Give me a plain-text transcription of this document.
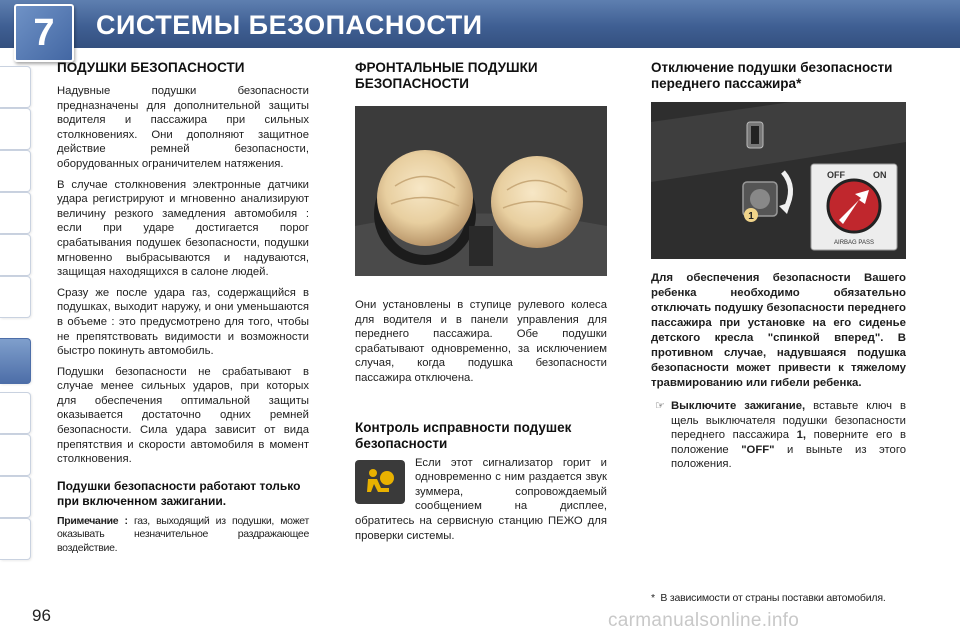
СИСТЕМЫ БЕЗОПАСНОСТИ
7
ПОДУШКИ БЕЗОПАСНОСТИ

Надувные подушки безопасности предназначены для дополнительной защиты водителя и пассажира при сильных столкновениях. Они дополняют защитное действие ремней безопасности, оборудованных ограничителем натяжения.

В случае столкновения электронные датчики удара регистрируют и мгновенно анализируют величину резкого замедления автомобиля : если при ударе достигается порог срабатывания подушек безопасности, подушки мгновенно выбрасываются и надуваются, защищая находящихся в салоне людей.

Сразу же после удара газ, содержащийся в подушках, выходит наружу, и они уменьшаются в объеме : это предусмотрено для того, чтобы не препятствовать видимости и возможности быстро покинуть автомобиль.

Подушки безопасности не срабатывают в случае менее сильных ударов, при которых для обеспечения оптимальной защиты оказывается достаточно одних ремней безопасности. Сила удара зависит от вида препятствия и скорости автомобиля в момент столкновения.

Подушки безопасности работают только при включенном зажигании.

Примечание : газ, выходящий из подушки, может оказывать незначительное раздражающее воздействие.

ФРОНТАЛЬНЫЕ ПОДУШКИ БЕЗОПАСНОСТИ

Они установлены в ступице рулевого колеса для водителя и в панели управления для переднего пассажира. Обе подушки срабатывают одновременно, за исключением случая, когда подушка безопасности пассажира отключена.

Контроль исправности подушек безопасности

Если этот сигнализатор горит и одновременно с ним раздается звук зуммера, сопровождаемый сообщением на дисплее, обратитесь на сервисную станцию ПЕЖО для проверки системы.

Отключение подушки безопасности переднего пассажира*
1
OFF	ON
AIRBAG PASS

Для обеспечения безопасности Вашего ребенка необходимо обязательно отключать подушку безопасности переднего пассажира при установке на его сиденье детского кресла "спинкой вперед". В противном случае, надувшаяся подушка безопасности может привести к тяжелому травмированию или гибели ребенка.

☞ Выключите зажигание, вставьте ключ в щель выключателя подушки безопасности переднего пассажира 1, поверните его в положение "OFF" и выньте из этого положения.

96
* В зависимости от страны поставки автомобиля.
carmanualsonline.info
